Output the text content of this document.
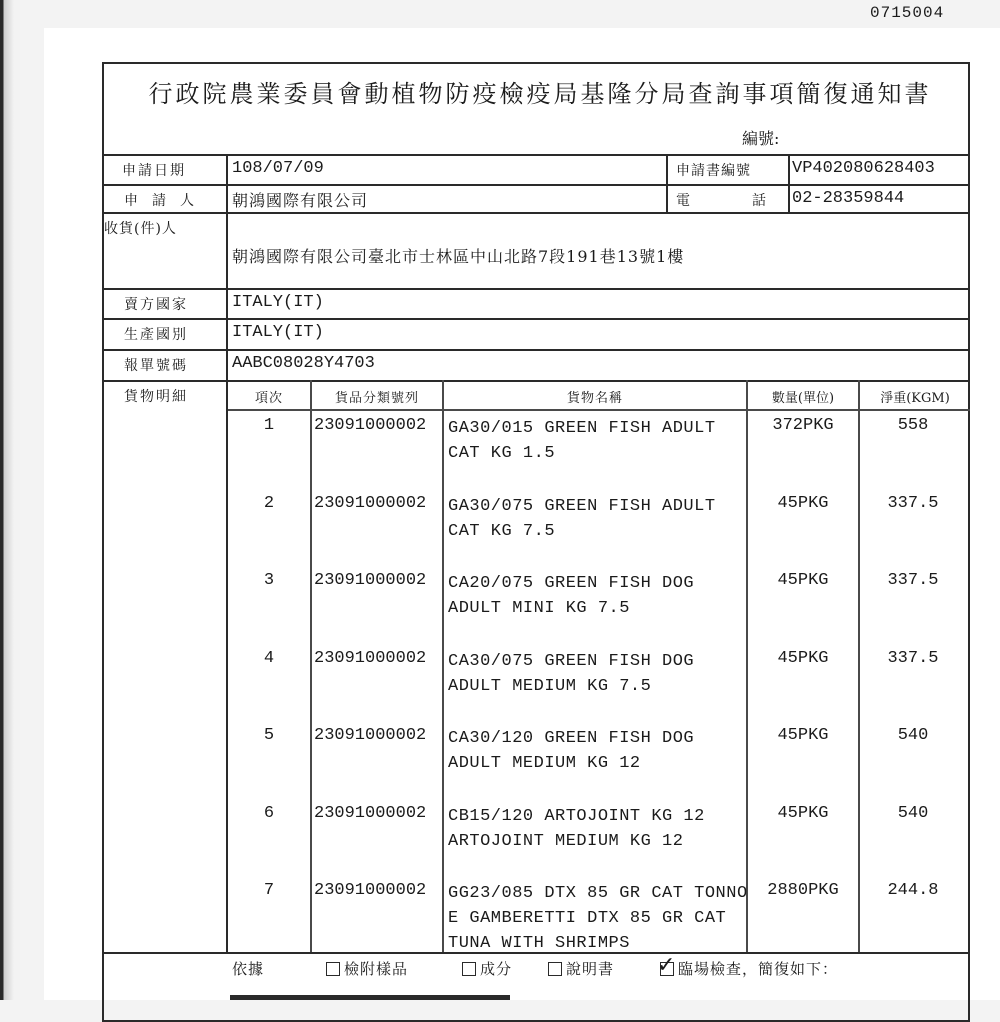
0715004
行政院農業委員會動植物防疫檢疫局基隆分局查詢事項簡復通知書
編號:
申請日期	108/07/09	申請書編號 VP402080628403
申請人 朝鴻國際有限公司	電話
02-28359844
收貨(件)人
朝鴻國際有限公司臺北市士林區中山北路7段191巷13號1樓
賣方國家	ITALY(IT)
生產國別	ITALY(IT)
報單號碼	AABC08028Y4703
貨物明細	項次	貨品分類號列	貨物名稱	數量(單位)	淨重(KGM)
1	23091000002 GA30/015 GREEN FISH ADULT
CAT KG 1.5
372PKG	558
2	23091000002 GA30/075 GREEN FISH ADULT
CAT KG 7.5
45PKG	337.5
3	23091000002 CA20/075 GREEN FISH DOG
ADULT MINI KG 7.5
45PKG	337.5
4	23091000002 CA30/075 GREEN FISH DOG
ADULT MEDIUM KG 7.5
45PKG	337.5
5	23091000002 CA30/120 GREEN FISH DOG
ADULT MEDIUM KG 12
45PKG	540
6	23091000002 CB15/120 ARTOJOINT KG 12
ARTOJOINT MEDIUM KG 12
45PKG	540
7	23091000002 GG23/085 DTX 85 GR CAT TONNO
E GAMBERETTI DTX 85 GR CAT
TUNA WITH SHRIMPS
2880PKG	244.8
依據	檢附樣品	成分	說明書 ✓ 臨場檢查，簡復如下：
